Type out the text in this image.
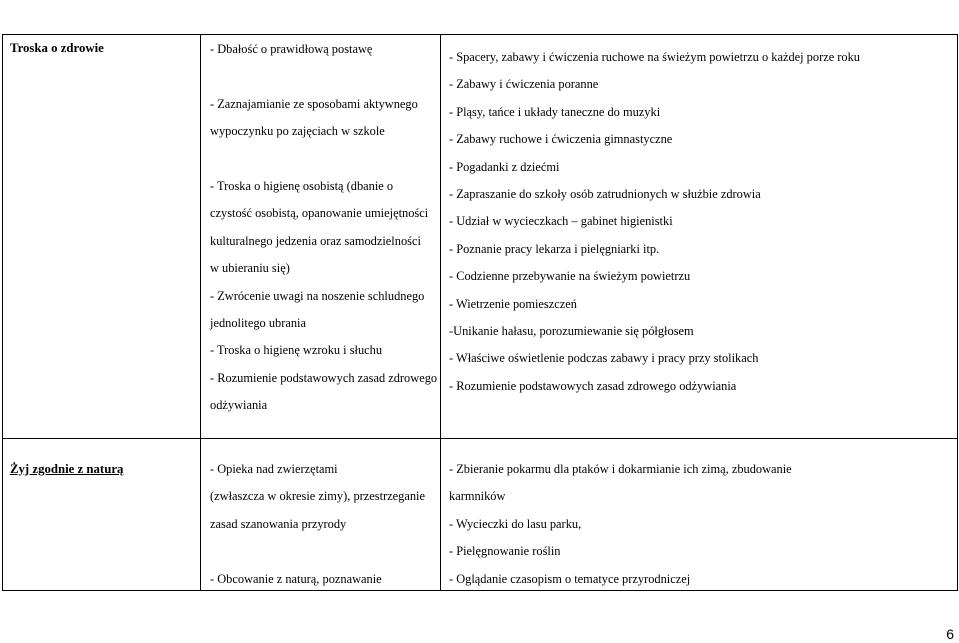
Troska o zdrowie	- Dbałość o prawidłową postawę

- Zaznajamianie ze sposobami aktywnego
wypoczynku po zajęciach w szkole

- Troska o higienę osobistą (dbanie o
czystość osobistą, opanowanie umiejętności
kulturalnego jedzenia oraz samodzielności
w ubieraniu się)
- Zwrócenie uwagi na noszenie schludnego
jednolitego ubrania
- Troska o higienę wzroku i słuchu
- Rozumienie podstawowych zasad zdrowego
odżywiania
- Spacery, zabawy i ćwiczenia ruchowe na świeżym powietrzu o każdej porze roku
- Zabawy i ćwiczenia poranne
- Pląsy, tańce i układy taneczne do muzyki
- Zabawy ruchowe i ćwiczenia gimnastyczne
- Pogadanki z dziećmi
- Zapraszanie do szkoły osób zatrudnionych w służbie zdrowia
- Udział w wycieczkach – gabinet higienistki
- Poznanie pracy lekarza i pielęgniarki itp.
- Codzienne przebywanie na świeżym powietrzu
- Wietrzenie pomieszczeń
-Unikanie hałasu, porozumiewanie się półgłosem
- Właściwe oświetlenie podczas zabawy i pracy przy stolikach
- Rozumienie podstawowych zasad zdrowego odżywiania
Żyj zgodnie z naturą	- Opieka nad zwierzętami
(zwłaszcza w okresie zimy), przestrzeganie
zasad szanowania przyrody

- Obcowanie z naturą, poznawanie
- Zbieranie pokarmu dla ptaków i dokarmianie ich zimą, zbudowanie
karmników
- Wycieczki do lasu parku,
- Pielęgnowanie roślin
- Oglądanie czasopism o tematyce przyrodniczej
6
